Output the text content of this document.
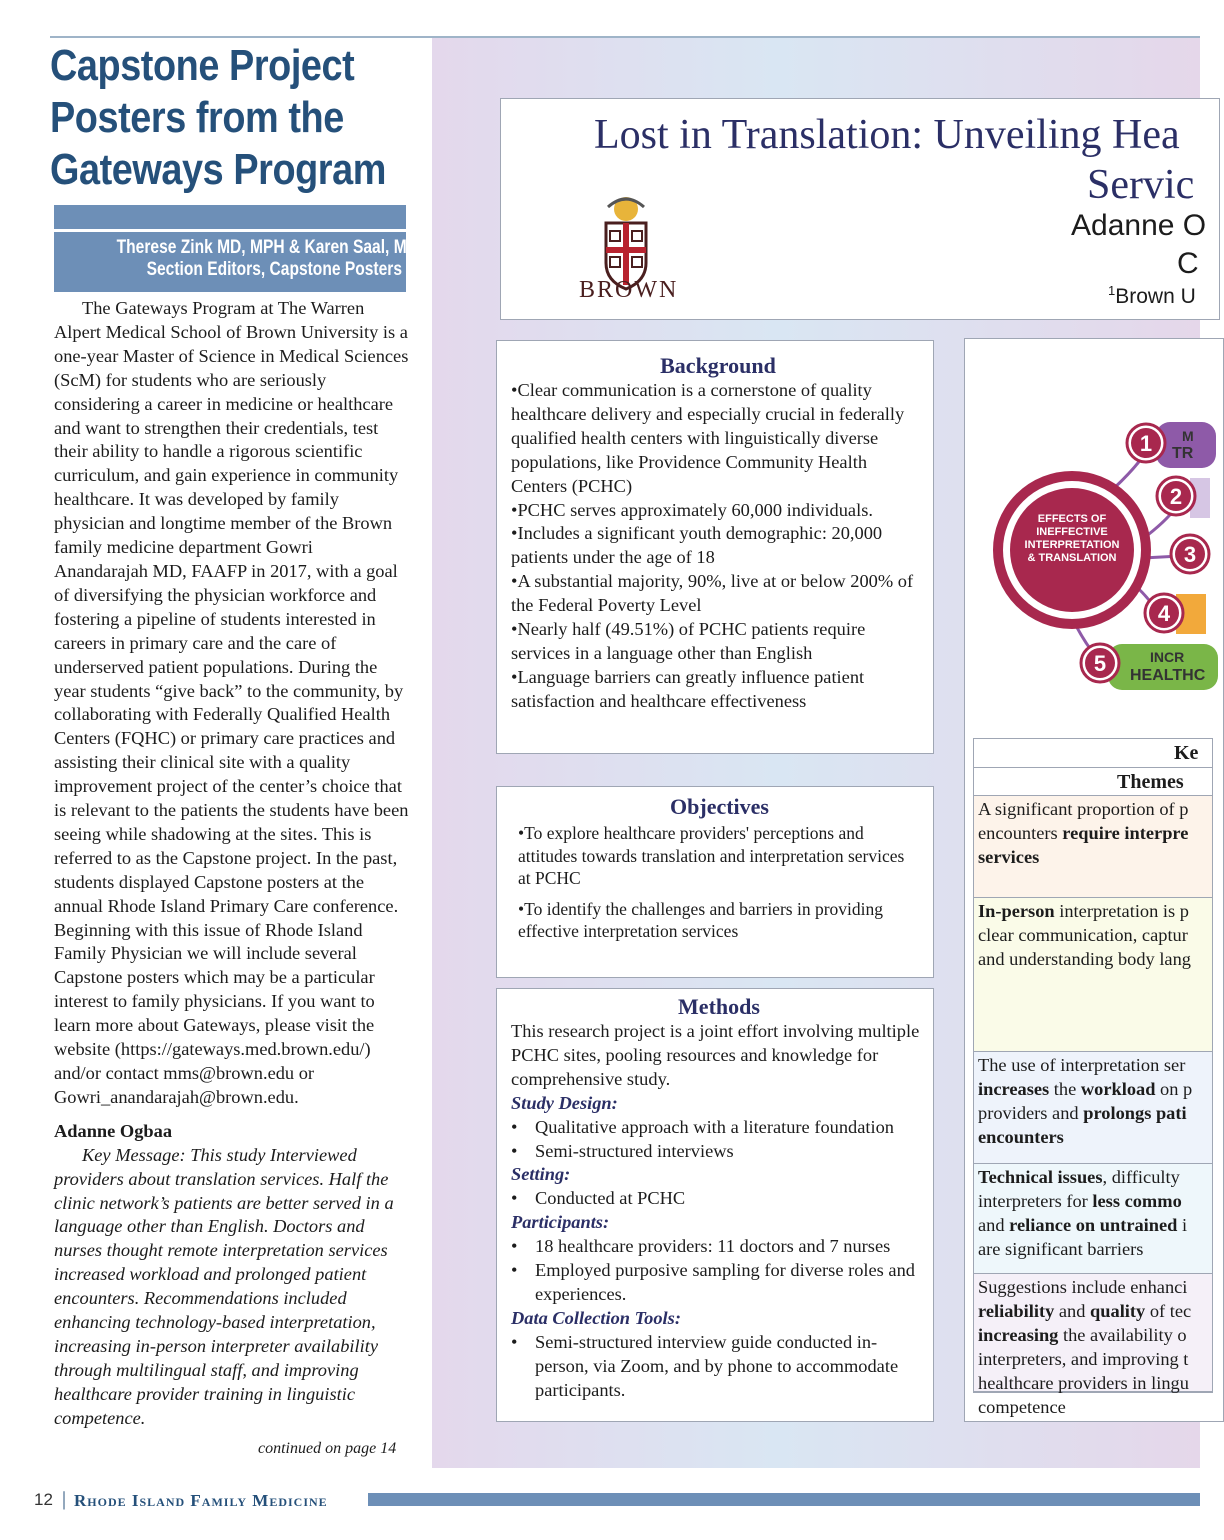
Capstone Project
Posters from the
Gateways Program
Therese Zink MD, MPH & Karen Saal, MD
Section Editors, Capstone Posters

The Gateways Program at The Warren Alpert Medical School of Brown University is a one-year Master of Science in Medical Sciences (ScM) for students who are seriously considering a career in medicine or healthcare and want to strengthen their credentials, test their ability to handle a rigorous scientific curriculum, and gain experience in community healthcare. It was developed by family physician and longtime member of the Brown family medicine department Gowri Anandarajah MD, FAAFP in 2017, with a goal of diversifying the physician workforce and fostering a pipeline of students interested in careers in primary care and the care of underserved patient populations. During the year students “give back” to the community, by collaborating with Federally Qualified Health Centers (FQHC) or primary care practices and assisting their clinical site with a quality improvement project of the center’s choice that is relevant to the patients the students have been seeing while shadowing at the sites. This is referred to as the Capstone project. In the past, students displayed Capstone posters at the annual Rhode Island Primary Care conference. Beginning with this issue of Rhode Island Family Physician we will include several Capstone posters which may be a particular interest to family physicians. If you want to learn more about Gateways, please visit the website (https://gateways.med.brown.edu/) and/or contact mms@brown.edu or Gowri_anandarajah@brown.edu.

Adanne Ogbaa

Key Message: This study Interviewed providers about translation services. Half the clinic network’s patients are better served in a language other than English. Doctors and nurses thought remote interpretation services increased workload and prolonged patient encounters. Recommendations included enhancing technology-based interpretation, increasing in-person interpreter availability through multilingual staff, and improving healthcare provider training in linguistic competence.

continued on page 14
Lost in Translation: Unveiling Hea
Servic
Adanne O
C
$^1$Brown U
BROWN
Background
•Clear communication is a cornerstone of quality healthcare delivery and especially crucial in federally qualified health centers with linguistically diverse populations, like Providence Community Health Centers (PCHC)
•PCHC serves approximately 60,000 individuals.
•Includes a significant youth demographic: 20,000 patients under the age of 18
•A substantial majority, 90%, live at or below 200% of the Federal Poverty Level
•Nearly half (49.51%) of PCHC patients require services in a language other than English
•Language barriers can greatly influence patient satisfaction and healthcare effectiveness
Objectives

•To explore healthcare providers' perceptions and attitudes towards translation and interpretation services at PCHC

•To identify the challenges and barriers in providing effective interpretation services

Methods
This research project is a joint effort involving multiple PCHC sites, pooling resources and knowledge for comprehensive study.
Study Design:
• Qualitative approach with a literature foundation
• Semi-structured interviews
Setting:
• Conducted at PCHC
Participants:
• 18 healthcare providers: 11 doctors and 7 nurses
• Employed purposive sampling for diverse roles and experiences.
Data Collection Tools:
• Semi-structured interview guide conducted in-person, via Zoom, and by phone to accommodate participants.
EFFECTS OF
INEFFECTIVE
INTERPRETATION
& TRANSLATION
M
TR
1
2
3
4
INCR
HEALTHC
5
Ke
Themes
A significant proportion of p
encounters require interpre
services
In-person interpretation is p
clear communication, captur
and understanding body lang
The use of interpretation ser
increases the workload on p
providers and prolongs pati
encounters
Technical issues, difficulty
interpreters for less commo
and reliance on untrained i
are significant barriers
Suggestions include enhanci
reliability and quality of tec
increasing the availability o
interpreters, and improving t
healthcare providers in lingu
competence
12 | Rhode Island Family Medicine
